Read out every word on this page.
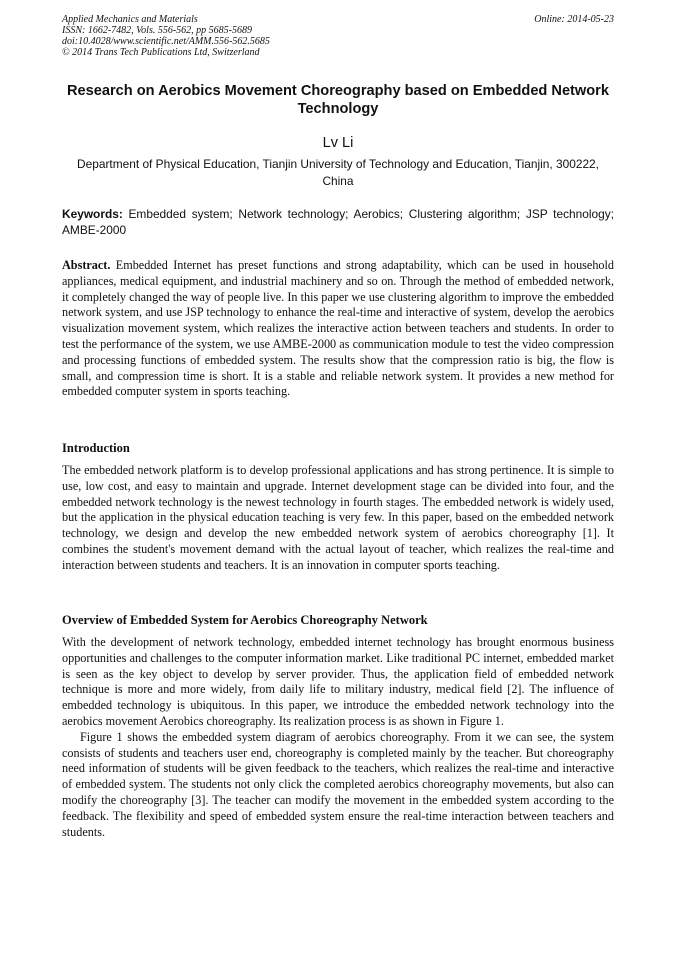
Applied Mechanics and Materials
ISSN: 1662-7482, Vols. 556-562, pp 5685-5689
doi:10.4028/www.scientific.net/AMM.556-562.5685
© 2014 Trans Tech Publications Ltd, Switzerland
Online: 2014-05-23
Research on Aerobics Movement Choreography based on Embedded Network Technology
Lv Li
Department of Physical Education, Tianjin University of Technology and Education, Tianjin, 300222, China
Keywords: Embedded system; Network technology; Aerobics; Clustering algorithm; JSP technology; AMBE-2000

Abstract. Embedded Internet has preset functions and strong adaptability, which can be used in household appliances, medical equipment, and industrial machinery and so on. Through the method of embedded network, it completely changed the way of people live. In this paper we use clustering algorithm to improve the embedded network system, and use JSP technology to enhance the real-time and interactive of system, develop the aerobics visualization movement system, which realizes the interactive action between teachers and students. In order to test the performance of the system, we use AMBE-2000 as communication module to test the video compression and processing functions of embedded system. The results show that the compression ratio is big, the flow is small, and compression time is short. It is a stable and reliable network system. It provides a new method for embedded computer system in sports teaching.

Introduction

The embedded network platform is to develop professional applications and has strong pertinence. It is simple to use, low cost, and easy to maintain and upgrade. Internet development stage can be divided into four, and the embedded network technology is the newest technology in fourth stages. The embedded network is widely used, but the application in the physical education teaching is very few. In this paper, based on the embedded network technology, we design and develop the new embedded network system of aerobics choreography [1]. It combines the student's movement demand with the actual layout of teacher, which realizes the real-time and interaction between students and teachers. It is an innovation in computer sports teaching.

Overview of Embedded System for Aerobics Choreography Network

With the development of network technology, embedded internet technology has brought enormous business opportunities and challenges to the computer information market. Like traditional PC internet, embedded market is seen as the key object to develop by server provider. Thus, the application field of embedded network technique is more and more widely, from daily life to military industry, medical field [2]. The influence of embedded technology is ubiquitous. In this paper, we introduce the embedded network technology into the aerobics movement Aerobics choreography. Its realization process is as shown in Figure 1.

Figure 1 shows the embedded system diagram of aerobics choreography. From it we can see, the system consists of students and teachers user end, choreography is completed mainly by the teacher. But choreography need information of students will be given feedback to the teachers, which realizes the real-time and interactive of embedded system. The students not only click the completed aerobics choreography movements, but also can modify the choreography [3]. The teacher can modify the movement in the embedded system according to the feedback. The flexibility and speed of embedded system ensure the real-time interaction between teachers and students.
